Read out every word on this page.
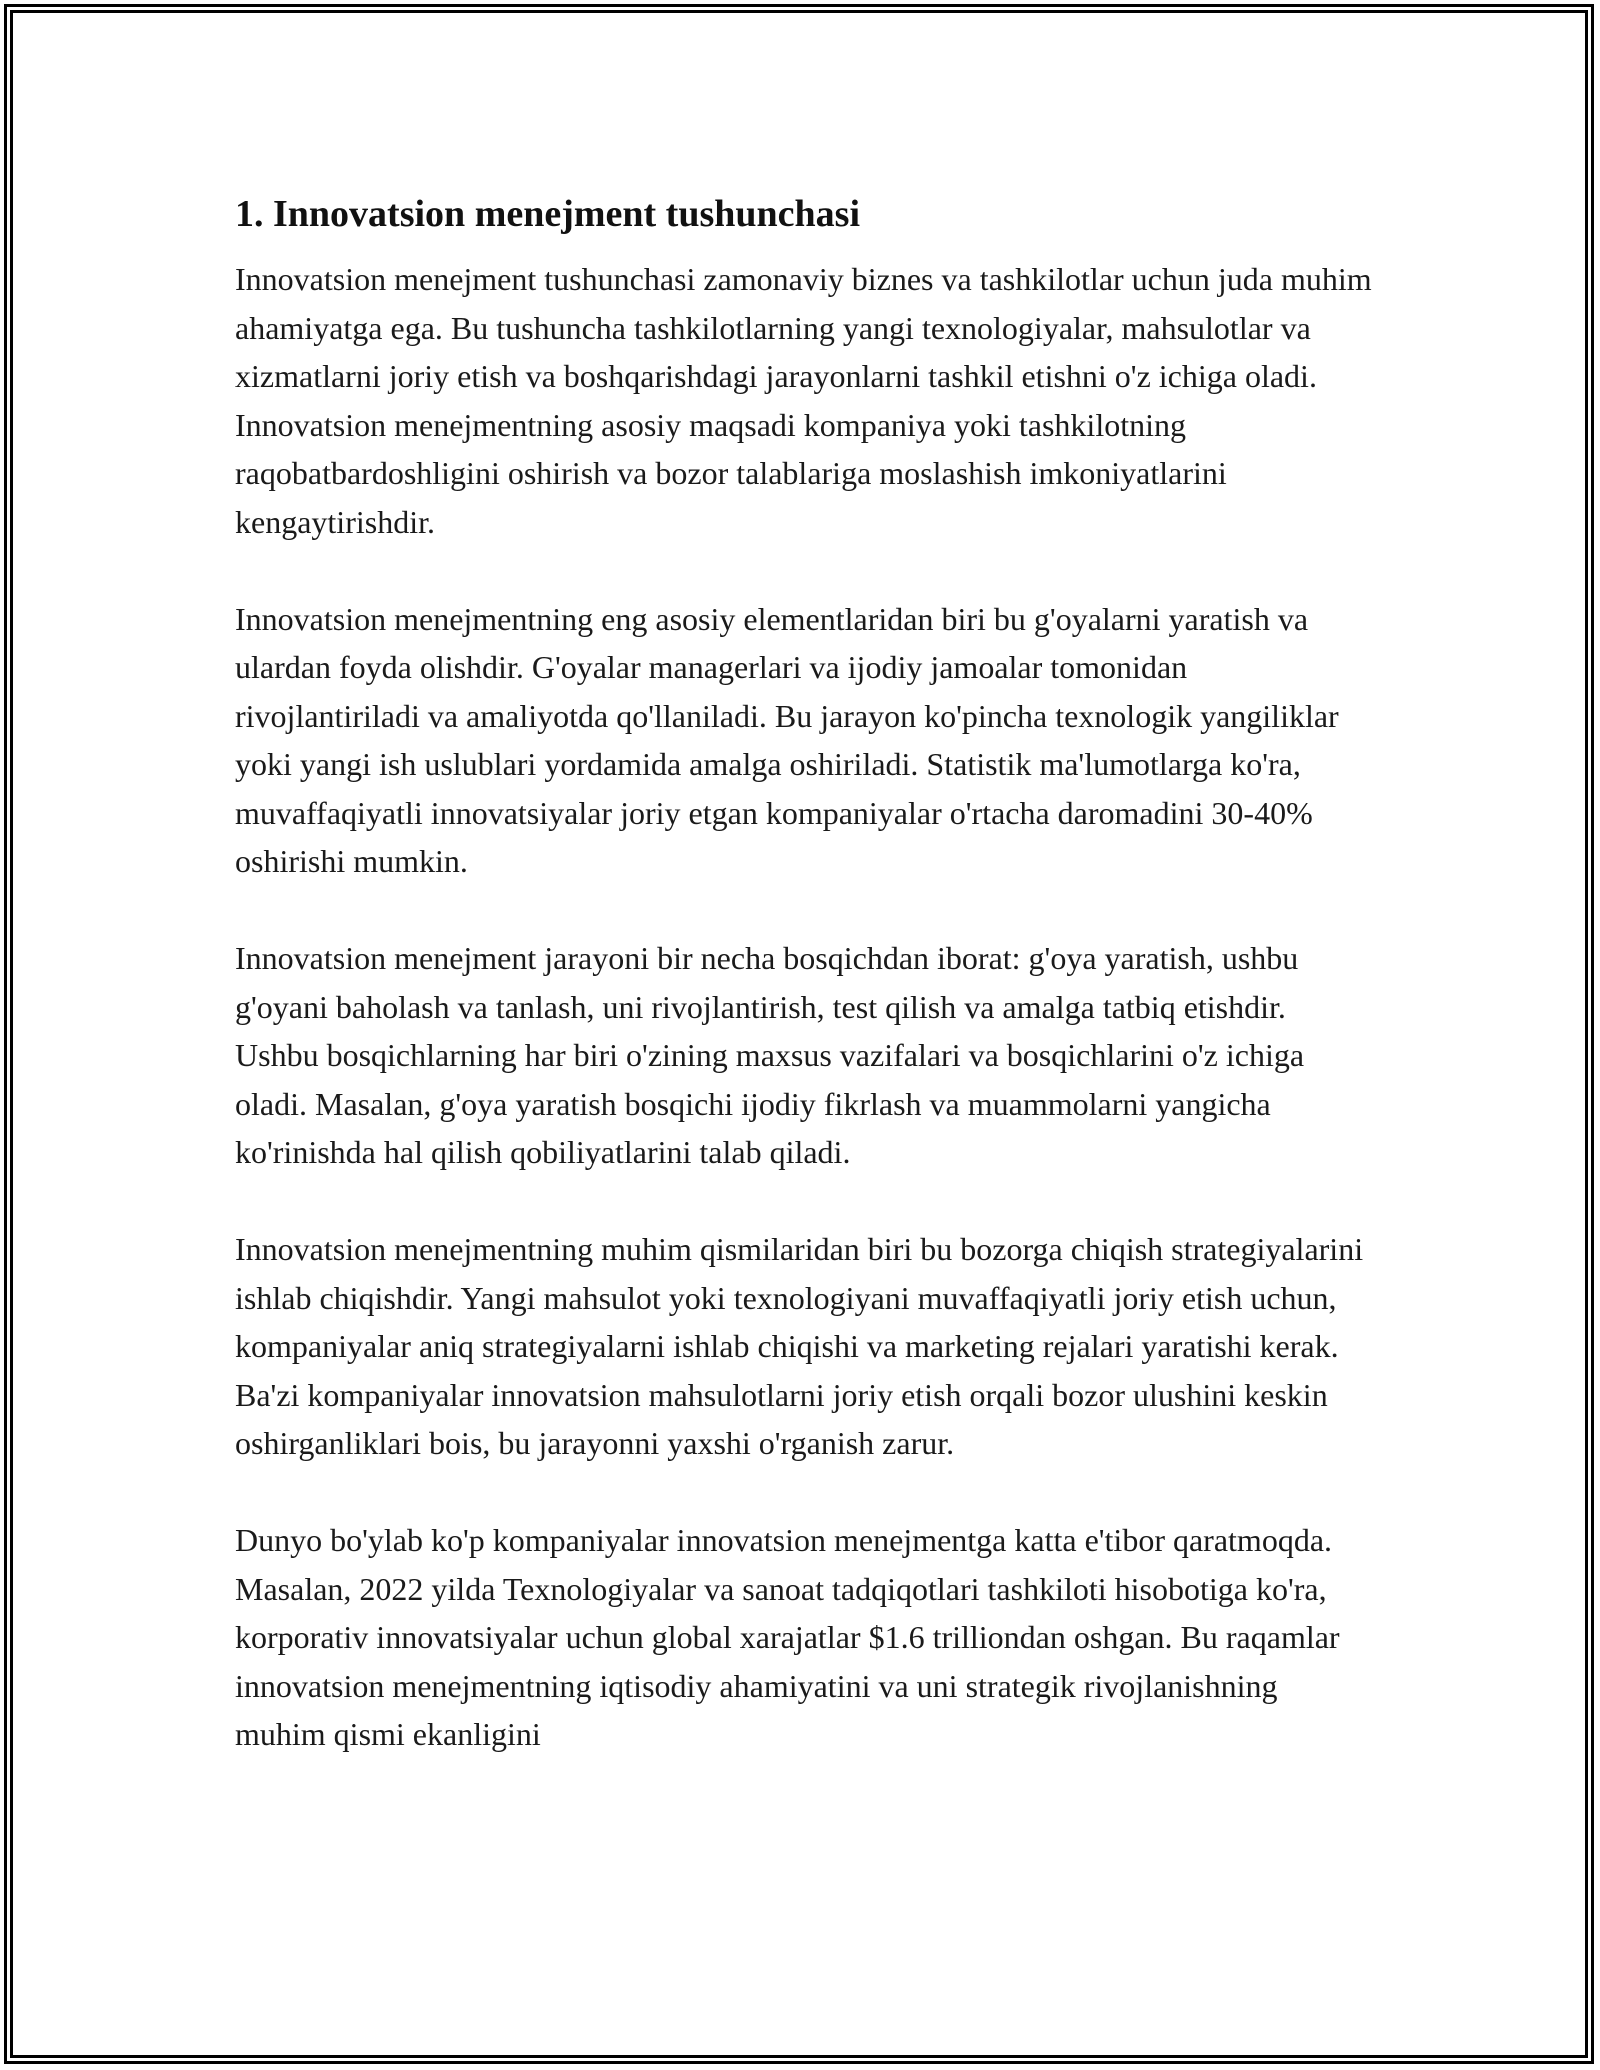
1. Innovatsion menejment tushunchasi

Innovatsion menejment tushunchasi zamonaviy biznes va tashkilotlar uchun juda muhim ahamiyatga ega. Bu tushuncha tashkilotlarning yangi texnologiyalar, mahsulotlar va xizmatlarni joriy etish va boshqarishdagi jarayonlarni tashkil etishni o'z ichiga oladi. Innovatsion menejmentning asosiy maqsadi kompaniya yoki tashkilotning raqobatbardoshligini oshirish va bozor talablariga moslashish imkoniyatlarini kengaytirishdir.

Innovatsion menejmentning eng asosiy elementlaridan biri bu g'oyalarni yaratish va ulardan foyda olishdir. G'oyalar managerlari va ijodiy jamoalar tomonidan rivojlantiriladi va amaliyotda qo'llaniladi. Bu jarayon ko'pincha texnologik yangiliklar yoki yangi ish uslublari yordamida amalga oshiriladi. Statistik ma'lumotlarga ko'ra, muvaffaqiyatli innovatsiyalar joriy etgan kompaniyalar o'rtacha daromadini 30-40% oshirishi mumkin.

Innovatsion menejment jarayoni bir necha bosqichdan iborat: g'oya yaratish, ushbu g'oyani baholash va tanlash, uni rivojlantirish, test qilish va amalga tatbiq etishdir. Ushbu bosqichlarning har biri o'zining maxsus vazifalari va bosqichlarini o'z ichiga oladi. Masalan, g'oya yaratish bosqichi ijodiy fikrlash va muammolarni yangicha ko'rinishda hal qilish qobiliyatlarini talab qiladi.

Innovatsion menejmentning muhim qismilaridan biri bu bozorga chiqish strategiyalarini ishlab chiqishdir. Yangi mahsulot yoki texnologiyani muvaffaqiyatli joriy etish uchun, kompaniyalar aniq strategiyalarni ishlab chiqishi va marketing rejalari yaratishi kerak. Ba'zi kompaniyalar innovatsion mahsulotlarni joriy etish orqali bozor ulushini keskin oshirganliklari bois, bu jarayonni yaxshi o'rganish zarur.

Dunyo bo'ylab ko'p kompaniyalar innovatsion menejmentga katta e'tibor qaratmoqda. Masalan, 2022 yilda Texnologiyalar va sanoat tadqiqotlari tashkiloti hisobotiga ko'ra, korporativ innovatsiyalar uchun global xarajatlar $1.6 trilliondan oshgan. Bu raqamlar innovatsion menejmentning iqtisodiy ahamiyatini va uni strategik rivojlanishning muhim qismi ekanligini
